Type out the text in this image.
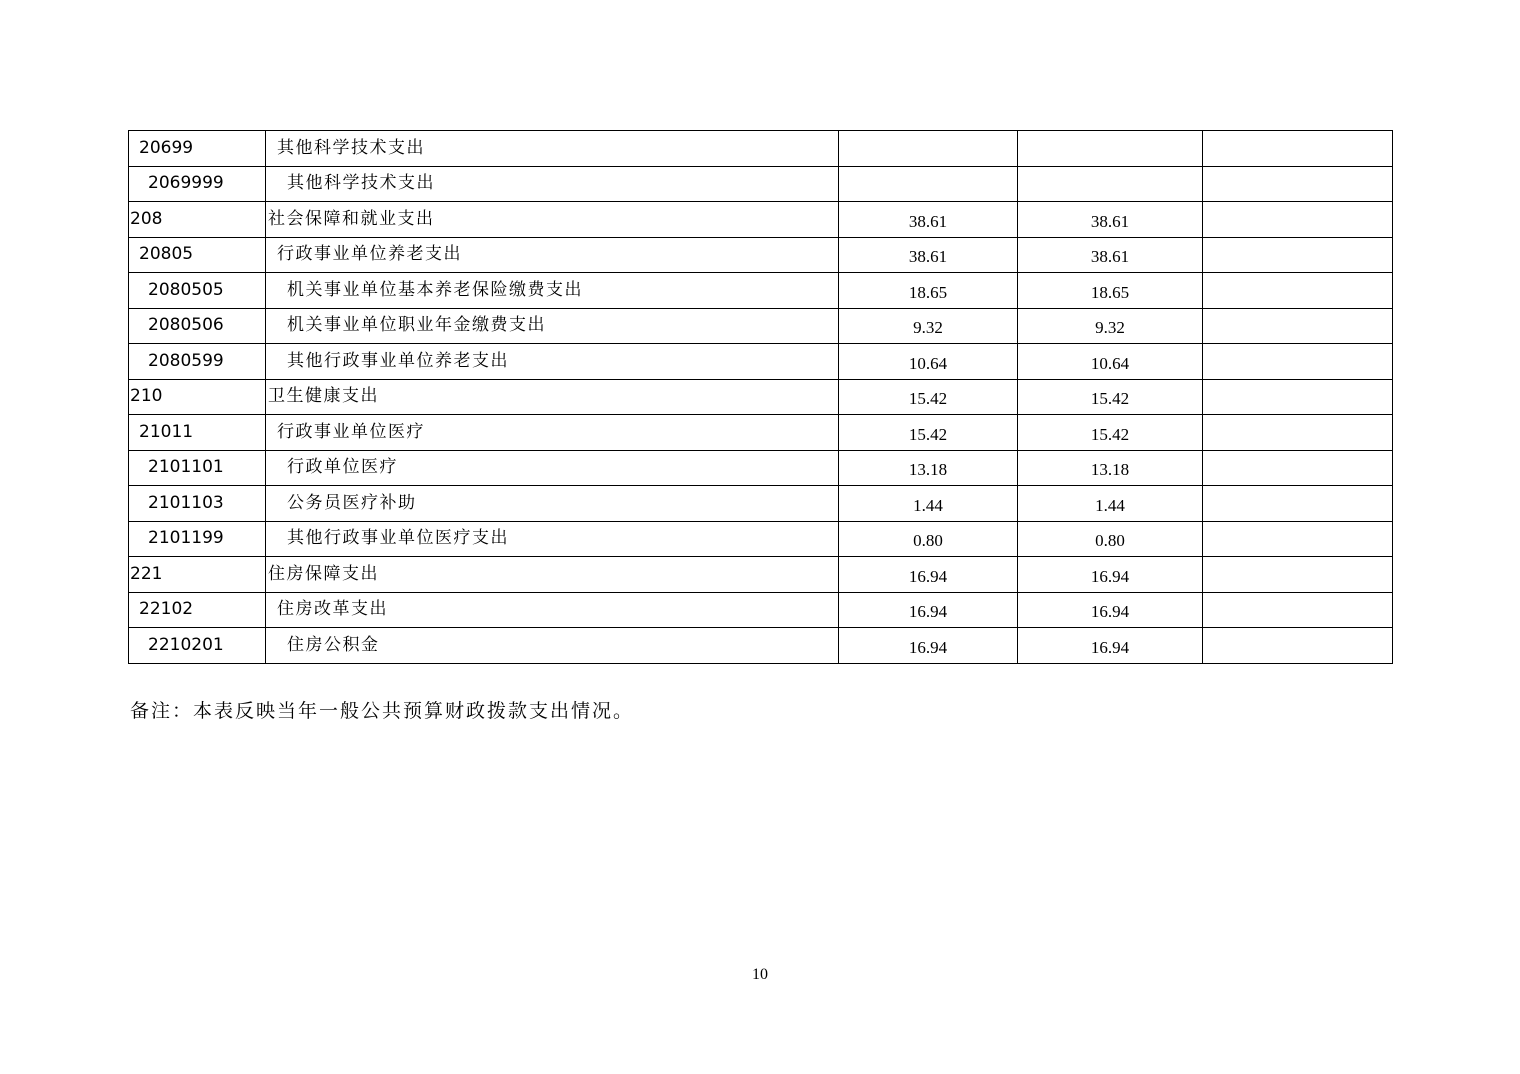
20699	其他科学技术支出			
2069999	其他科学技术支出			
208	社会保障和就业支出	38.61	38.61	
20805	行政事业单位养老支出	38.61	38.61	
2080505	机关事业单位基本养老保险缴费支出	18.65	18.65	
2080506	机关事业单位职业年金缴费支出	9.32	9.32	
2080599	其他行政事业单位养老支出	10.64	10.64	
210	卫生健康支出	15.42	15.42	
21011	行政事业单位医疗	15.42	15.42	
2101101	行政单位医疗	13.18	13.18	
2101103	公务员医疗补助	1.44	1.44	
2101199	其他行政事业单位医疗支出	0.80	0.80	
221	住房保障支出	16.94	16.94	
22102	住房改革支出	16.94	16.94	
2210201	住房公积金	16.94	16.94	
备注：本表反映当年一般公共预算财政拨款支出情况。
10
